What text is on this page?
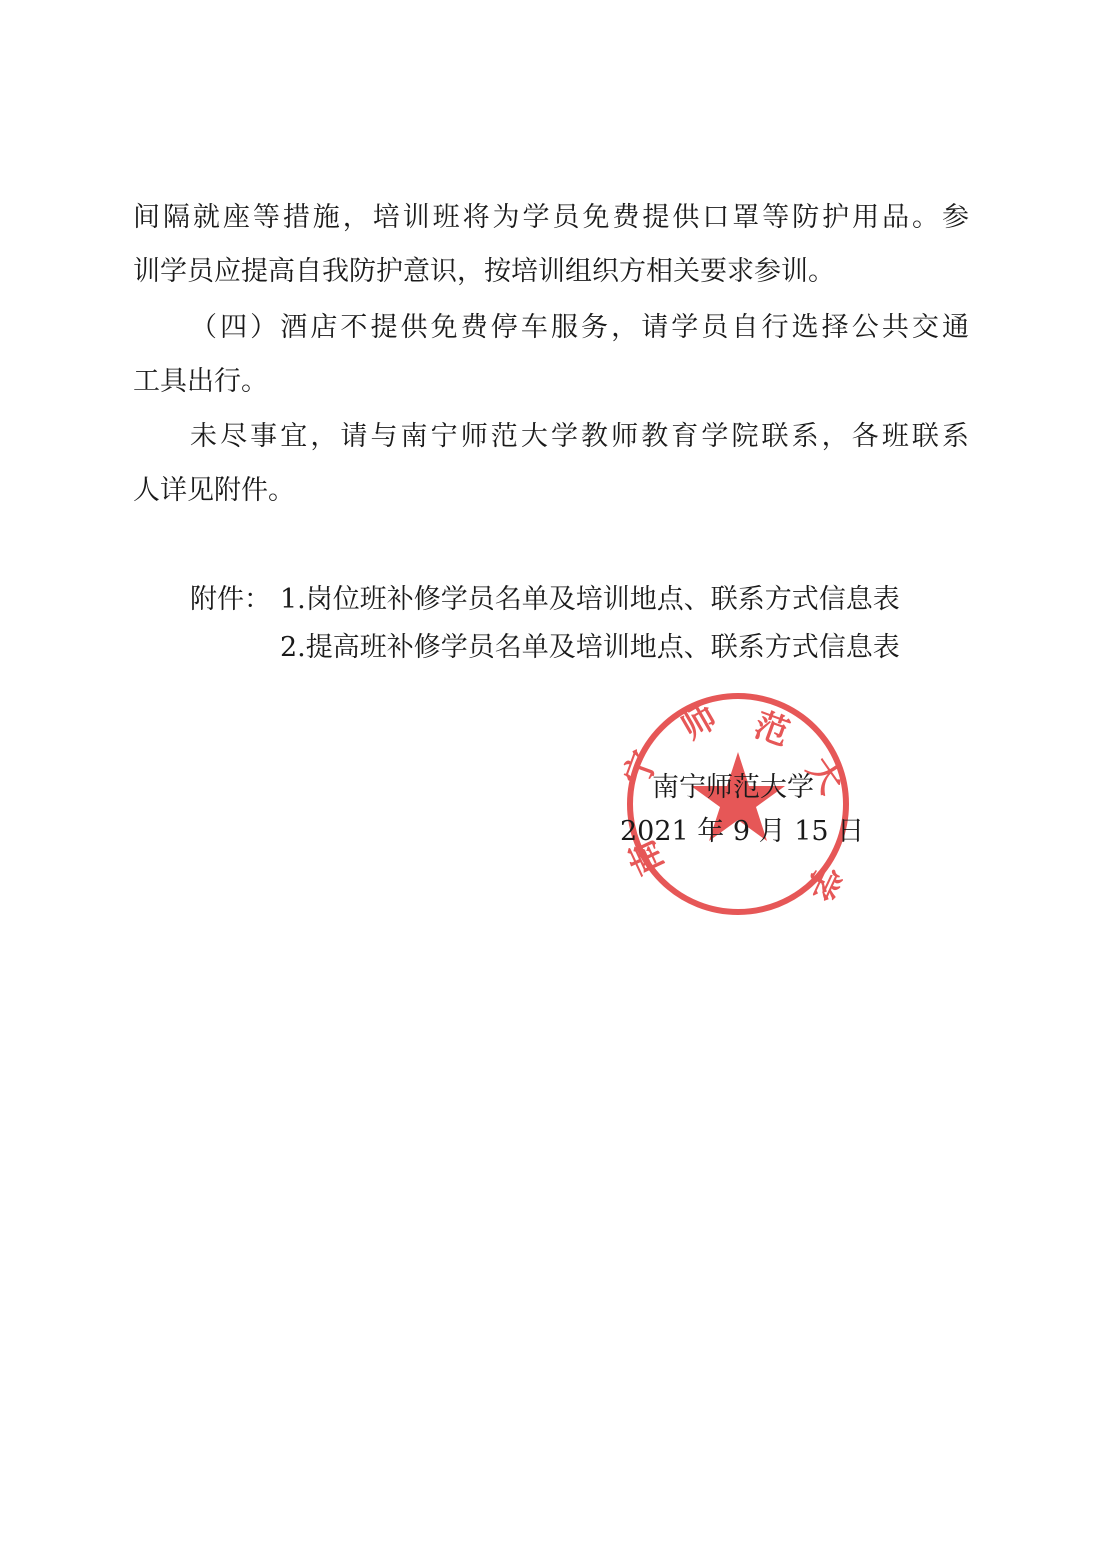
间隔就座等措施，培训班将为学员免费提供口罩等防护用品。参
训学员应提高自我防护意识，按培训组织方相关要求参训。
（四）酒店不提供免费停车服务，请学员自行选择公共交通
工具出行。
未尽事宜，请与南宁师范大学教师教育学院联系，各班联系
人详见附件。
附件： 1.岗位班补修学员名单及培训地点、联系方式信息表
2.提高班补修学员名单及培训地点、联系方式信息表
宁
师 范
大
南
学
南宁师范大学
2021 年 9 月 15 日
